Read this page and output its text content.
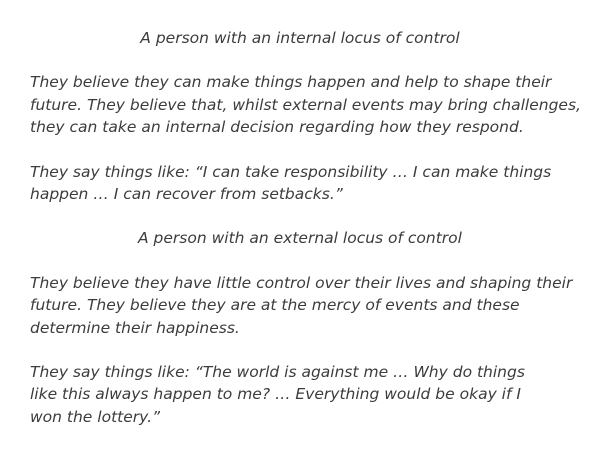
A person with an internal locus of control
They believe they can make things happen and help to shape their
future. They believe that, whilst external events may bring challenges,
they can take an internal decision regarding how they respond.
They say things like: “I can take responsibility … I can make things
happen … I can recover from setbacks.”
A person with an external locus of control
They believe they have little control over their lives and shaping their
future. They believe they are at the mercy of events and these
determine their happiness.
They say things like: “The world is against me … Why do things
like this always happen to me? … Everything would be okay if I
won the lottery.”
